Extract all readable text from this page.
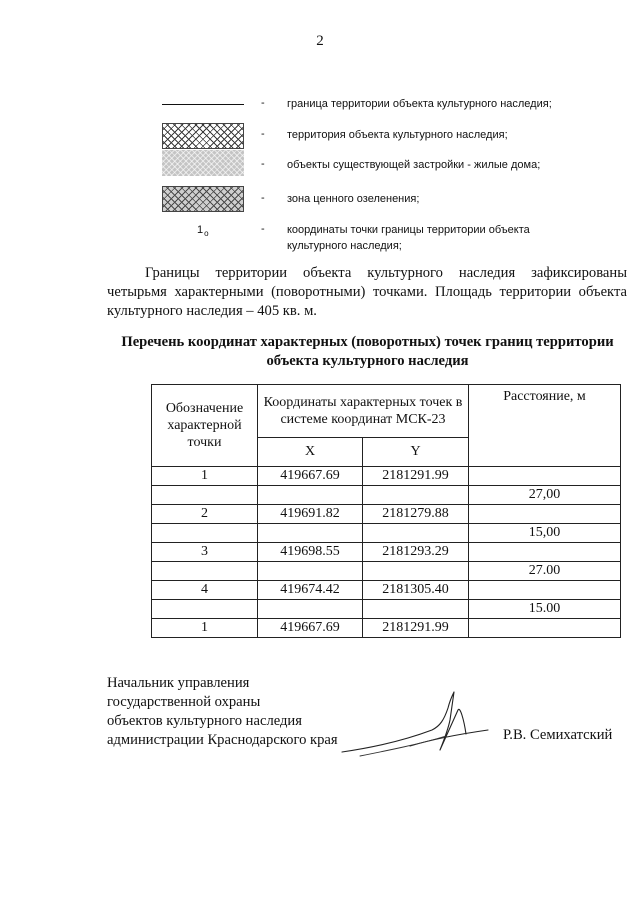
2
- граница территории объекта культурного наследия;
- территория объекта культурного наследия;
- объекты существующей застройки - жилые дома;
- зона ценного озеленения;
$1_o$	- координаты точки границы территории объекта культурного наследия;
Границы территории объекта культурного наследия зафиксированы четырьмя характерными (поворотными) точками. Площадь территории объекта культурного наследия – 405 кв. м.
Перечень координат характерных (поворотных) точек границ территории объекта культурного наследия
Обозначение характерной точки	Координаты характерных точек в системе координат МСК-23		Расстояние, м
	X	Y	
1	419667.69	2181291.99	
			27,00
2	419691.82	2181279.88	
			15,00
3	419698.55	2181293.29	
			27.00
4	419674.42	2181305.40	
			15.00
1	419667.69	2181291.99	
Начальник управления
государственной охраны
объектов культурного наследия
администрации Краснодарского края	Р.В. Семихатский
